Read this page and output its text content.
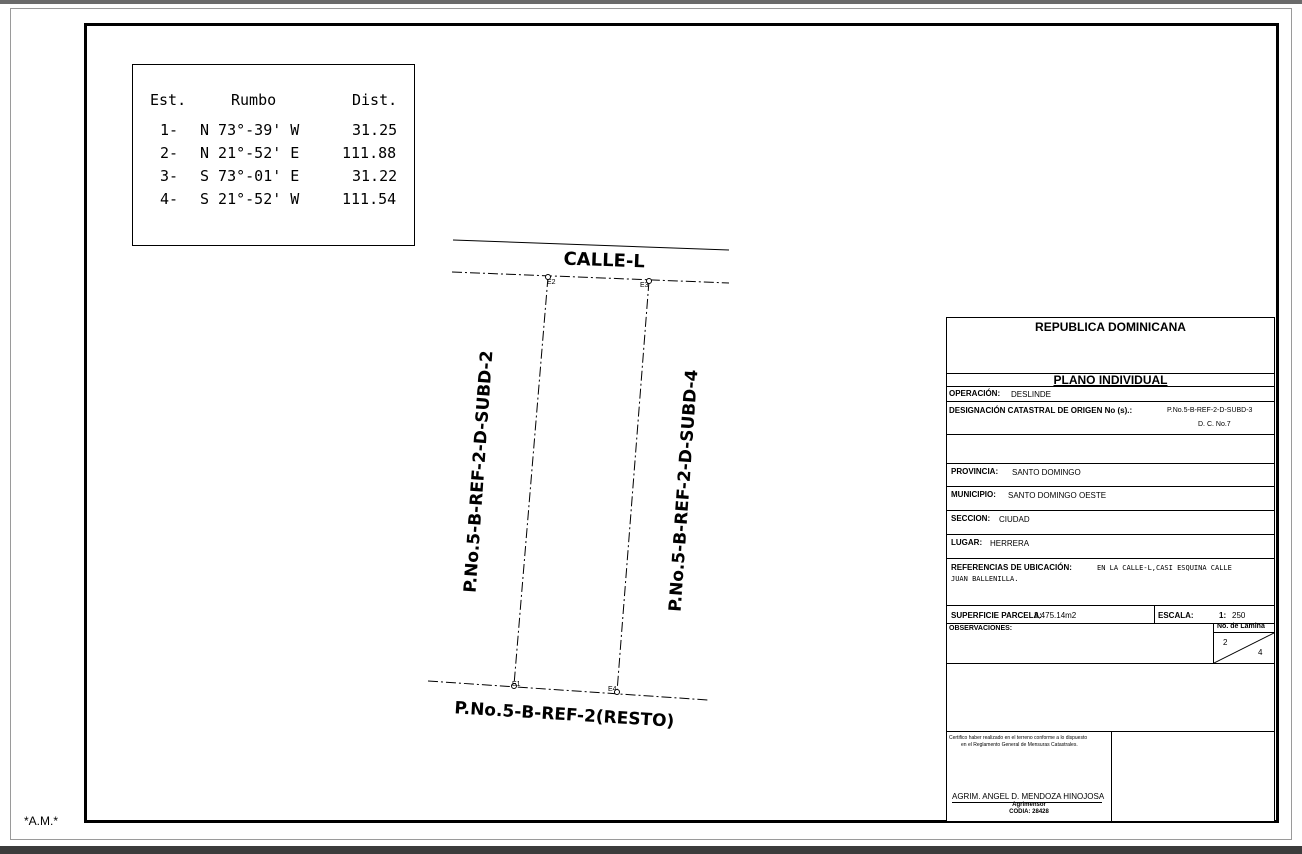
Est.	Rumbo	Dist.
1- N 73°-39' W	31.25
2- N 21°-52' E	111.88
3- S 73°-01' E	31.22
4- S 21°-52' W	111.54
E2	E3
E1
E4
CALLE-L
P.No.5-B-REF-2-D-SUBD-2	P.No.5-B-REF-2-D-SUBD-4
P.No.5-B-REF-2(RESTO)
REPUBLICA DOMINICANA
PLANO INDIVIDUAL
OPERACIÓN: DESLINDE
DESIGNACIÓN CATASTRAL DE ORIGEN No (s).:	P.No.5-B-REF-2-D-SUBD-3
D. C. No.7
PROVINCIA: SANTO DOMINGO
MUNICIPIO: SANTO DOMINGO OESTE
SECCION: CIUDAD
LUGAR: HERRERA
REFERENCIAS DE UBICACIÓN:	EN LA CALLE-L,CASI ESQUINA CALLE
JUAN BALLENILLA.
SUPERFICIE PARCELA:
3,475.14m2	ESCALA:	1: 250
OBSERVACIONES:	No. de Lamina
2
4
Certifico haber realizado en el terreno conforme a lo dispuesto
en el Reglamento General de Mensuras Catastrales.
AGRIM. ANGEL D. MENDOZA HINOJOSA
Agrimensor
CODIA: 28428
*A.M.*
